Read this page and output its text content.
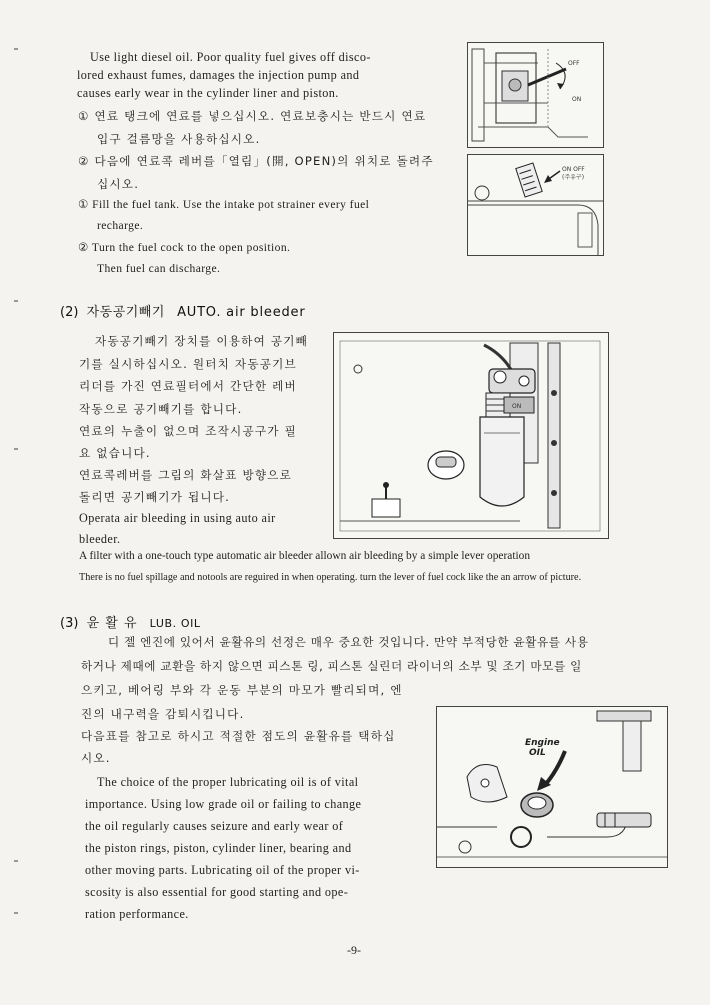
Use light diesel oil. Poor quality fuel gives off disco-
lored exhaust fumes, damages the injection pump and
causes early wear in the cylinder liner and piston.
① 연료 탱크에 연료를 넣으십시오. 연료보충시는 반드시 연료
입구 걸름망을 사용하십시오.
② 다음에 연료콕 레버를「열림」(開, OPEN)의 위치로 돌려주
십시오.
① Fill the fuel tank. Use the intake pot strainer every fuel
recharge.
② Turn the fuel cock to the open position.
Then fuel can discharge.
OFF
ON
ON OFF
(주유구)
(2) 자동공기빼기 AUTO. air bleeder
자동공기빼기 장치를 이용하여 공기빼
기를 실시하십시오. 원터치 자동공기브
리더를 가진 연료필터에서 간단한 레버
작동으로 공기빼기를 합니다.
연료의 누출이 없으며 조작시공구가 필
요 없습니다.
연료콕레버를 그림의 화살표 방향으로
돌리면 공기빼기가 됩니다.
Operata air bleeding in using auto air
bleeder.
A filter with a one-touch type automatic air bleeder allown air bleeding by a simple lever operation
There is no fuel spillage and notools are reguired in when operating. turn the lever of fuel cock like the an arrow of picture.
ON
(3) 윤 활 유 LUB. OIL
디 젤 엔진에 있어서 윤활유의 선정은 매우 중요한 것입니다. 만약 부적당한 윤활유를 사용
하거나 제때에 교환을 하지 않으면 피스톤 링, 피스톤 실린더 라이너의 소부 및 조기 마모를 일
으키고, 베어링 부와 각 운동 부분의 마모가 빨리되며, 엔
진의 내구력을 감퇴시킵니다.
다음표를 참고로 하시고 적절한 점도의 윤활유를 택하십
시오.
The choice of the proper lubricating oil is of vital
importance. Using low grade oil or failing to change
the oil regularly causes seizure and early wear of
the piston rings, piston, cylinder liner, bearing and
other moving parts. Lubricating oil of the proper vi-
scosity is also essential for good starting and ope-
ration performance.
Engine OIL
-9-
